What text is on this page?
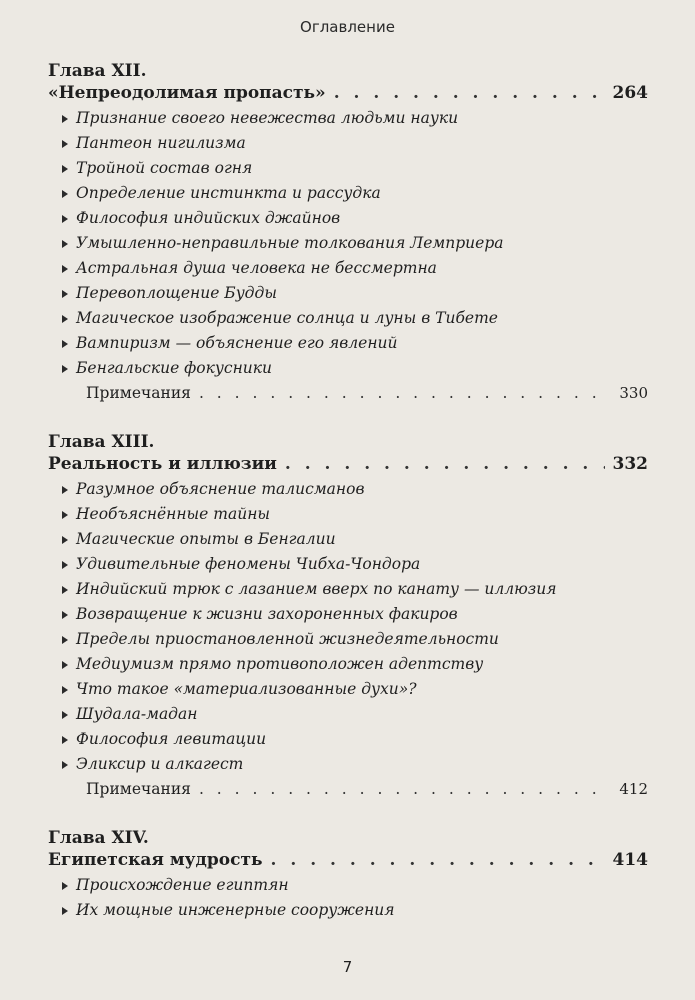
Оглавление
Глава XII.
«Непреодолимая пропасть» . . .	264
Признание своего невежества людьми науки
Пантеон нигилизма
Тройной состав огня
Определение инстинкта и рассудка
Философия индийских джайнов
Умышленно-неправильные толкования Лемприера
Астральная душа человека не бессмертна
Перевоплощение Будды
Магическое изображение солнца и луны в Тибете
Вампиризм — объяснение его явлений
Бенгальские фокусники
Примечания . . .	330
Глава XIII.
Реальность и иллюзии . . .	332
Разумное объяснение талисманов
Необъяснённые тайны
Магические опыты в Бенгалии
Удивительные феномены Чибха-Чондора
Индийский трюк с лазанием вверх по канату — иллюзия
Возвращение к жизни захороненных факиров
Пределы приостановленной жизнедеятельности
Медиумизм прямо противоположен адептству
Что такое «материализованные духи»?
Шудала-мадан
Философия левитации
Эликсир и алкагест
Примечания . . .	412
Глава XIV.
Египетская мудрость . . .	414
Происхождение египтян
Их мощные инженерные сооружения
7
